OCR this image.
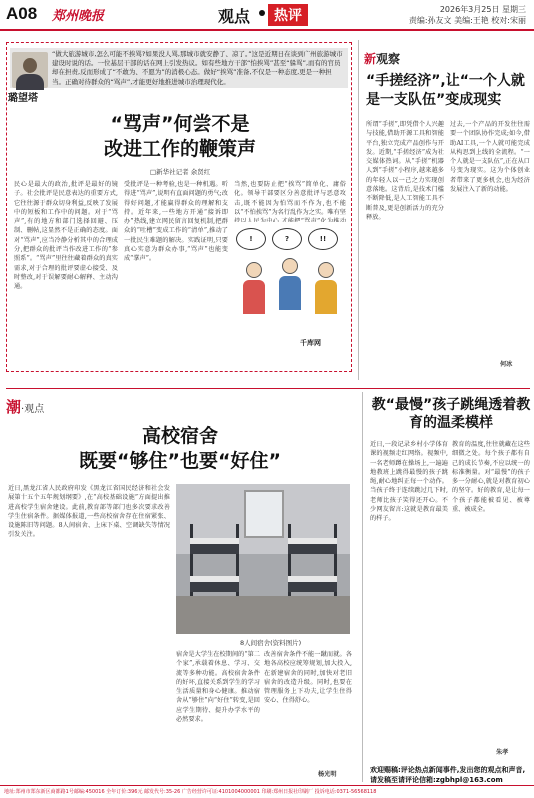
A08 郑州晚报	观点	热评	2026年3月25日 星期三
责编:孙友文 美编:王艳 校对:宋丽
璐望塔
“做大旅游城市,怎么可能不挨骂?如果没人骂,那城市就安静了、凉了。”这是近期日在谈到广州旅游城市建设时说的话。一位基层干部的话在网上引发热议。如有些地方干部“怕挨骂”甚至“躲骂”,而有的官员却在担责,反而形成了“不敢为、不愿为”的消极心态。做好“挨骂”准备,不仅是一种态度,更是一种担当。正确对待群众的“骂声”,才能更好地推进城市治理现代化。
“骂声”何尝不是
改进工作的鞭策声
□新华社记者 余贤红
民心是最大的政治,批评是最好的镜子。社会批评是民意表达的重要方式,它往往源于群众切身利益,反映了发展中的短板和工作中的问题。对于“骂声”,有的地方和部门选择回避、压制、删帖,这显然不是正确的态度。面对“骂声”,应当冷静分析其中的合理成分,把群众的批评当作改进工作的“参照系”。“骂声”里往往藏着群众的真实需求,对于合理的批评要虚心接受、及时整改,对于误解要耐心解释、主动沟通。
受批评是一种考验,也是一种机遇。听得进“骂声”,说明有直面问题的勇气;改得好问题,才能赢得群众的理解和支持。近年来,一些地方开通“接诉即办”热线,建立网民留言回复机制,把群众的“吐槽”变成工作的“清单”,推动了一批民生难题的解决。实践证明,只要真心实意为群众办事,“骂声”也能变成“掌声”。
当然,也要防止把“挨骂”简单化、庸俗化。领导干部要区分善意批评与恶意攻击,既不能因为怕骂而不作为,也不能以“不怕挨骂”为名行乱作为之实。唯有坚
!	?	!!
千库网
新观察
“手搓经济”,让“一个人就是一支队伍”变成现实
所谓“手搓”,即凭借个人兴趣与技能,借助开源工具和智能平台,独立完成产品创作与开发。近期,“手搓经济”成为社交媒体热词。从“手搓”机器人到“手搓”小程序,越来越多的年轻人以一己之力实现创意落地。这背后,是技术门槛不断降低,是人工智能工具不断普及,更是创新活力的充分释放。
过去,一个产品的开发往往需要一个团队协作完成;如今,借助AI工具,一个人就可能完成从构思到上线的全流程。“一个人就是一支队伍”,正在从口号变为现实。这为个体创业者带来了更多机会,也为经济发展注入了新的动能。
何冰
潮·观点
高校宿舍
既要“够住”也要“好住”
近日,黑龙江省人民政府印发《黑龙江省国民经济和社会发展第十五个五年规划纲要》,在“高校基础设施”方面提出推进高校学生宿舍建设。此前,教育部等部门也多次要求改善学生住宿条件。据媒体报道,一些高校宿舍存在住宿紧张、设施陈旧等问题。8人间宿舍、上床下桌、空调缺失等情况引发关注。
8人间宿舍(资料图片)
宿舍是大学生在校期间的“第二个家”,承载着休息、学习、交流等多种功能。高校宿舍条件的好坏,直接关系到学生的学习生活质量和身心健康。推动宿舍从“够住”向“好住”转变,是回应学生期待、提升办学水平的必然要求。
改善宿舍条件不能一蹴而就。各地各高校应统筹规划,加大投入,在新建宿舍的同时,加快对老旧宿舍的改造升级。同时,也要在管理服务上下功夫,让学生住得安心、住得舒心。
杨光明
教“最慢”孩子跳绳透着教育的温柔模样
近日,一段记录乡村小学体育课的视频走红网络。视频中,一名老师蹲在操场上,一遍遍地教班上跳得最慢的孩子跳绳,耐心地纠正每一个动作。当孩子终于连续跳过几下时,老师比孩子笑得还开心。不少网友留言:这就是教育最美的样子。
教育的温度,往往就藏在这些细微之处。每个孩子都有自己的成长节奏,不应以统一的标准衡量。对“最慢”的孩子多一分耐心,就是对教育初心的坚守。好的教育,是让每一个孩子都能被看见、被尊重、被成全。
朱孝
欢迎赐稿:评论热点新闻事件,发出您的观点和声音,请发稿至请评论信箱:zgbhpl@163.com
地址:郑州市郑东新区商都路1号邮编:450016 全年订价:396元 邮发代号:35-26 广告经营许可证:4101004000001 印刷:郑州日报社印刷厂 投诉电话:0371-56568118
